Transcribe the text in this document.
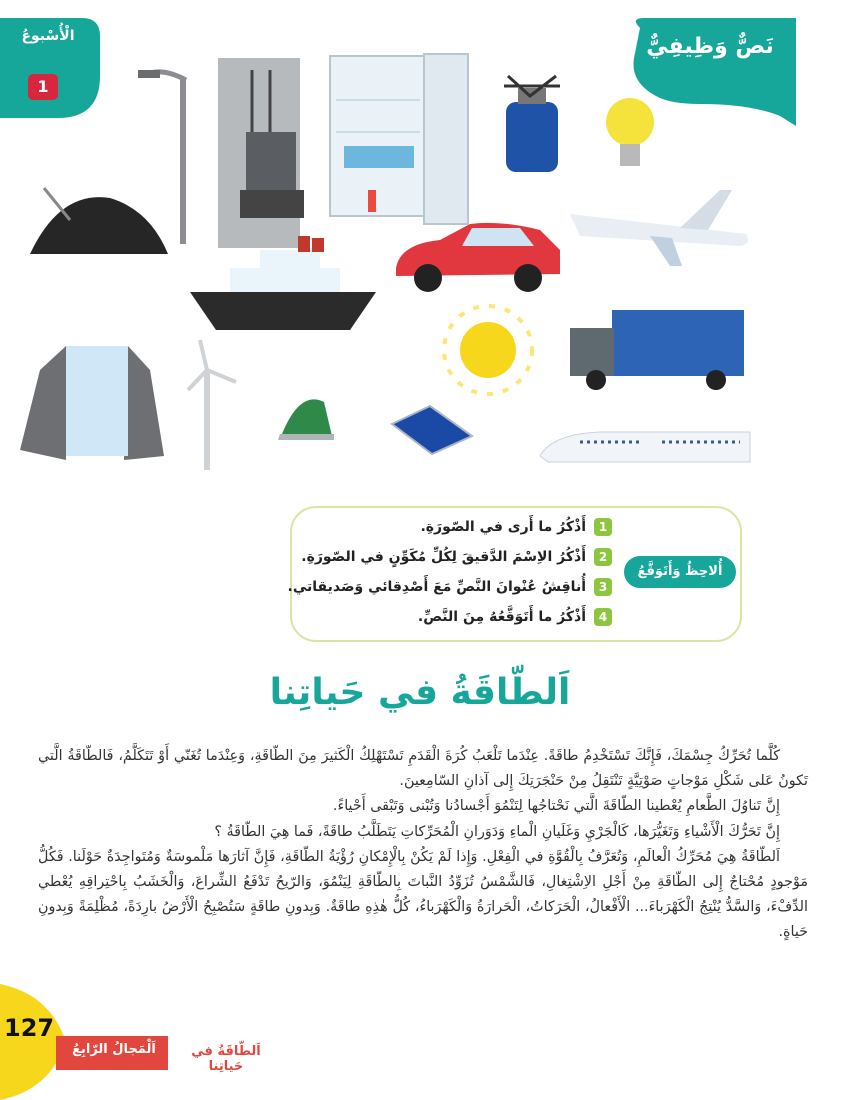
نَصٌّ وَظِيفِيٌّ
الْأُسْبوعُ
1
أُلاحِظُ وَأَتَوَقَّعُ
1
أَذْكُرُ ما أَرى في الصّورَةِ.
2
أَذْكُرُ الاِسْمَ الدَّقيقَ لِكُلِّ مُكَوِّنٍ في الصّورَةِ.
3
أُناقِشُ عُنْوانَ النَّصِّ مَعَ أَصْدِقائي وَصَديقاتي.
4
أَذْكُرُ ما أَتَوَقَّعُهُ مِنَ النَّصِّ.
اَلطّاقَةُ في حَياتِنا

كُلَّما تُحَرِّكُ جِسْمَكَ، فَإِنَّكَ تَسْتَخْدِمُ طاقَةً. عِنْدَما تَلْعَبُ كُرَةَ الْقَدَمِ تَسْتَهْلِكُ الْكَثيرَ مِنَ الطّاقَةِ، وَعِنْدَما تُغَنّي أَوْ تَتَكَلَّمُ، فَالطّاقَةُ الَّتي تَكونُ عَلى شَكْلِ مَوْجاتٍ صَوْتِيَّةٍ تَنْتَقِلُ مِنْ حَنْجَرَتِكَ إِلى آذانِ السّامِعينَ.

إِنَّ تَناوُلَ الطَّعامِ يُعْطينا الطّاقَةَ الَّتي نَحْتاجُها لِتَنْمُوَ أَجْسادُنا وَتُبْنى وَتَبْقى أَحْياءً.

إِنَّ تَحَرُّكَ الْأَشْياءِ وَتَغَيُّرَها، كَالْجَرْيِ وَغَلَيانِ الْماءِ وَدَوَرانِ الْمُحَرِّكاتِ يَتَطَلَّبُ طاقَةً، فَما هِيَ الطّاقَةُ ؟

اَلطّاقَةُ هِيَ مُحَرِّكُ الْعالَمِ، وَتُعَرَّفُ بِالْقُوَّةِ في الْفِعْلِ. وَإِذا لَمْ يَكُنْ بِالْإِمْكانِ رُؤْيَةُ الطّاقَةِ، فَإِنَّ آثارَها مَلْموسَةٌ وَمُتَواجِدَةٌ حَوْلَنا. فَكُلُّ مَوْجودٍ مُحْتاجٌ إِلى الطّاقَةِ مِنْ أَجْلِ الاِشْتِغالِ، فَالشَّمْسُ تُزَوِّدُ النَّباتَ بِالطّاقَةِ لِيَنْمُوَ، وَالرّيحُ تَدْفَعُ الشِّراعَ، وَالْخَشَبُ بِاحْتِراقِهِ يُعْطي الدِّفْءَ، وَالسَّدُّ يُنْتِجُ الْكَهْرَباءَ... الْأَفْعالُ، الْحَرَكاتُ، الْحَرارَةُ وَالْكَهْرَباءُ، كُلُّ هٰذِهِ طاقَةٌ. وَبِدونِ طاقَةٍ سَتُصْبِحُ الْأَرْضُ بارِدَةً، مُظْلِمَةً وَبِدونِ حَياةٍ.

127
اَلْمَجالُ الرّابِعُ	اَلطّاقَةُ في حَياتِنا
